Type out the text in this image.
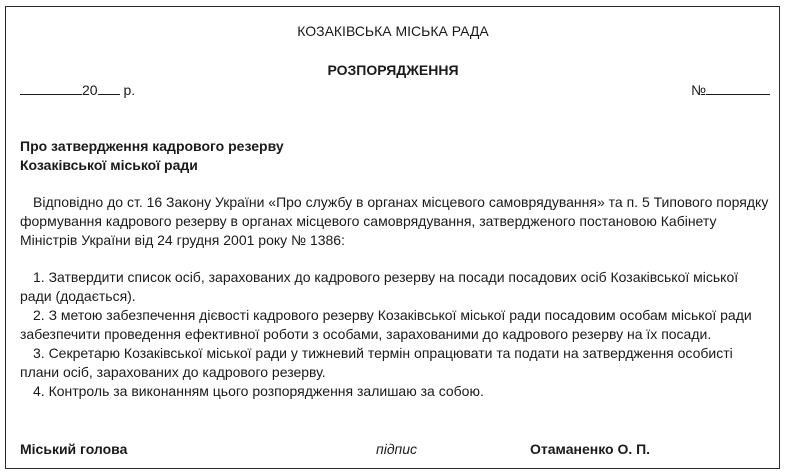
КОЗАКІВСЬКА МІСЬКА РАДА
РОЗПОРЯДЖЕННЯ
20 р.	№
Про затвердження кадрового резерву
Козаківської міської ради

Відповідно до ст. 16 Закону України «Про службу в органах місцевого самоврядування» та п. 5 Типового порядку формування кадрового резерву в органах місцевого самоврядування, затвердженого постановою Кабінету Міністрів України від 24 грудня 2001 року № 1386:

1. Затвердити список осіб, зарахованих до кадрового резерву на посади посадових осіб Козаківської міської ради (додається).

2. З метою забезпечення дієвості кадрового резерву Козаківської міської ради посадовим особам міської ради забезпечити проведення ефективної роботи з особами, зарахованими до кадрового резерву на їх посади.

3. Секретарю Козаківської міської ради у тижневий термін опрацювати та подати на затвердження особисті плани осіб, зарахованих до кадрового резерву.

4. Контроль за виконанням цього розпорядження залишаю за собою.

Міський голова	підпис	Отаманенко О. П.
